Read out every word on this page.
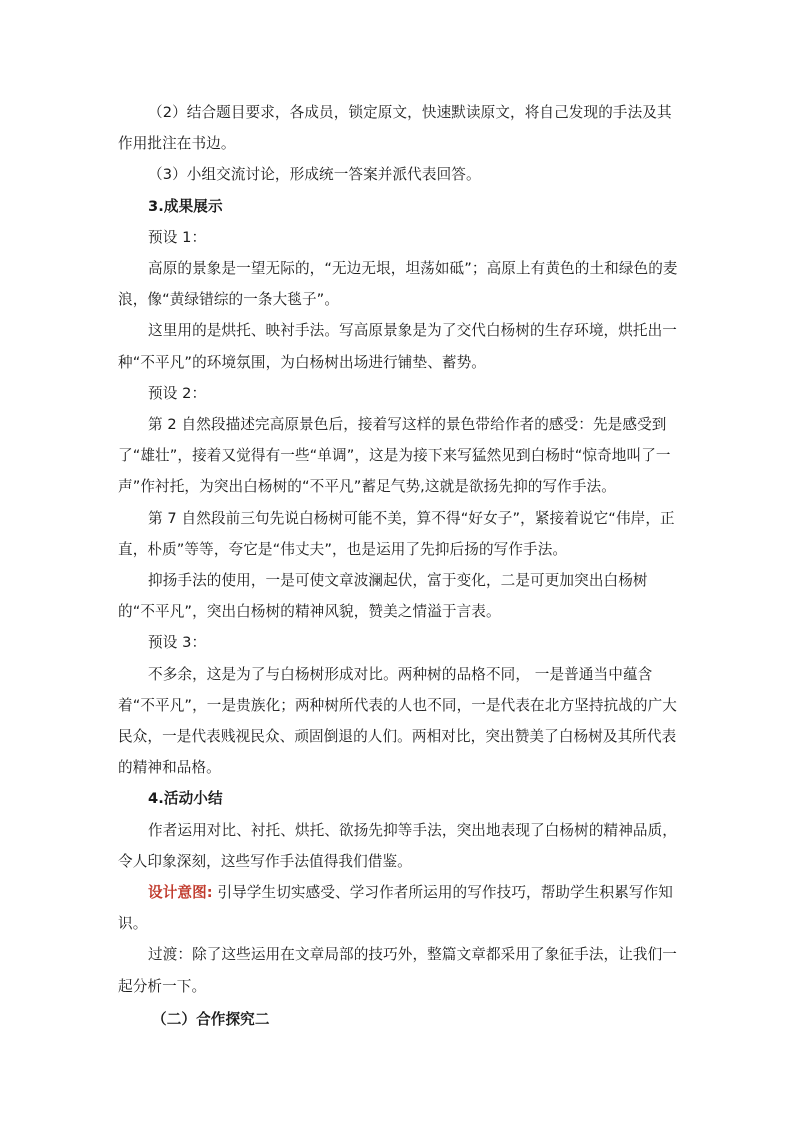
（2）结合题目要求，各成员，锁定原文，快速默读原文，将自己发现的手法及其作用批注在书边。

（3）小组交流讨论，形成统一答案并派代表回答。

3.成果展示

预设 1：

高原的景象是一望无际的，“无边无垠，坦荡如砥”；高原上有黄色的土和绿色的麦浪，像“黄绿错综的一条大毯子”。

这里用的是烘托、映衬手法。写高原景象是为了交代白杨树的生存环境，烘托出一种“不平凡”的环境氛围，为白杨树出场进行铺垫、蓄势。

预设 2：

第 2 自然段描述完高原景色后，接着写这样的景色带给作者的感受：先是感受到了“雄壮”，接着又觉得有一些“单调”，这是为接下来写猛然见到白杨时“惊奇地叫了一声”作衬托，为突出白杨树的“不平凡”蓄足气势,这就是欲扬先抑的写作手法。

第 7 自然段前三句先说白杨树可能不美，算不得“好女子”，紧接着说它“伟岸，正直，朴质”等等，夸它是“伟丈夫”，也是运用了先抑后扬的写作手法。

抑扬手法的使用，一是可使文章波澜起伏，富于变化，二是可更加突出白杨树的“不平凡”，突出白杨树的精神风貌，赞美之情溢于言表。

预设 3：

不多余，这是为了与白杨树形成对比。两种树的品格不同， 一是普通当中蕴含着“不平凡”，一是贵族化；两种树所代表的人也不同，一是代表在北方坚持抗战的广大民众，一是代表贱视民众、顽固倒退的人们。两相对比，突出赞美了白杨树及其所代表的精神和品格。

4.活动小结

作者运用对比、衬托、烘托、欲扬先抑等手法，突出地表现了白杨树的精神品质，令人印象深刻，这些写作手法值得我们借鉴。

设计意图: 引导学生切实感受、学习作者所运用的写作技巧，帮助学生积累写作知识。

过渡：除了这些运用在文章局部的技巧外，整篇文章都采用了象征手法，让我们一起分析一下。

（二）合作探究二
